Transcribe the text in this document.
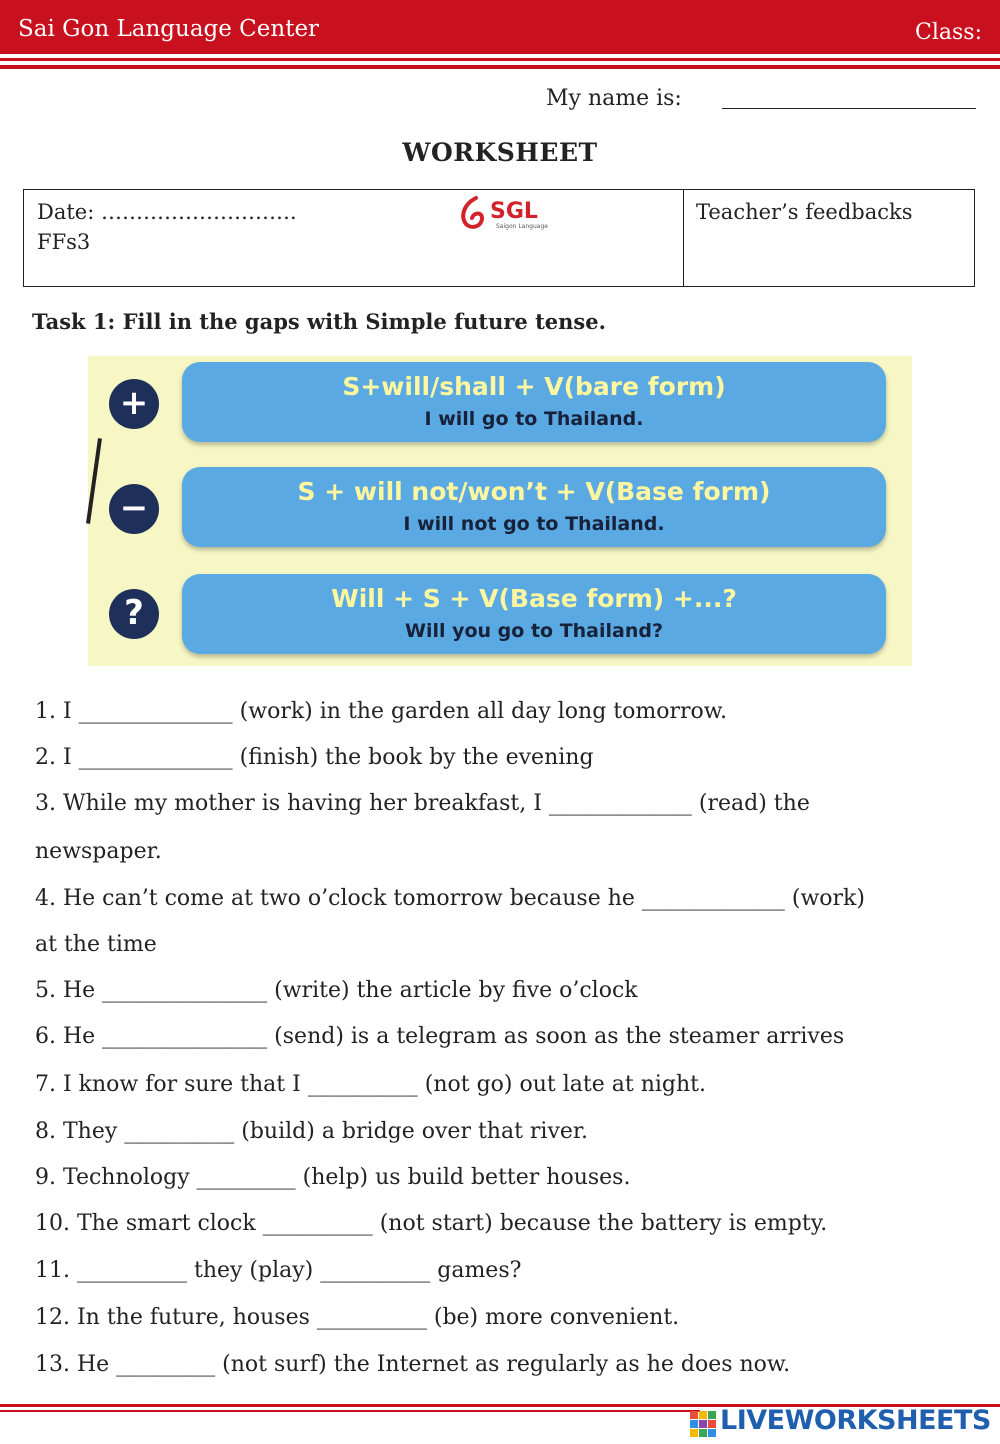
Sai Gon Language Center	Class:
My name is:
WORKSHEET
Date: ……………………….
FFs3
SGL
Saigon Language
Teacher’s feedbacks
Task 1: Fill in the gaps with Simple future tense.
+	S+will/shall + V(bare form)
I will go to Thailand.
−	S + will not/won’t + V(Base form)
I will not go to Thailand.
?	Will + S + V(Base form) +...?
Will you go to Thailand?
1. I ______________ (work) in the garden all day long tomorrow.
2. I ______________ (finish) the book by the evening
3. While my mother is having her breakfast, I _____________ (read) the
newspaper.
4. He can’t come at two o’clock tomorrow because he _____________ (work)
at the time
5. He _______________ (write) the article by five o’clock
6. He _______________ (send) is a telegram as soon as the steamer arrives
7. I know for sure that I __________ (not go) out late at night.
8. They __________ (build) a bridge over that river.
9. Technology _________ (help) us build better houses.
10. The smart clock __________ (not start) because the battery is empty.
11. __________ they (play) __________ games?
12. In the future, houses __________ (be) more convenient.
13. He _________ (not surf) the Internet as regularly as he does now.
LIVEWORKSHEETS
